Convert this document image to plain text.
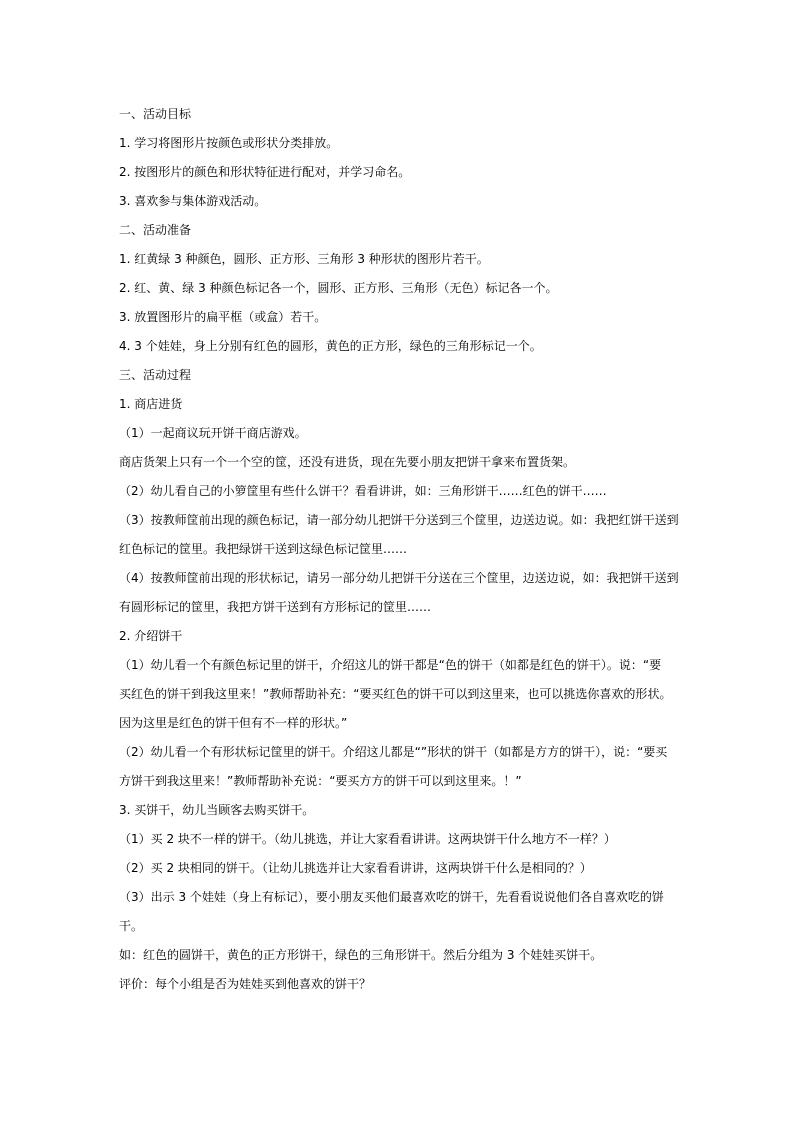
一、活动目标
1. 学习将图形片按颜色或形状分类排放。
2. 按图形片的颜色和形状特征进行配对，并学习命名。
3. 喜欢参与集体游戏活动。
二、活动准备
1. 红黄绿 3 种颜色，圆形、正方形、三角形 3 种形状的图形片若干。
2. 红、黄、绿 3 种颜色标记各一个，圆形、正方形、三角形（无色）标记各一个。
3. 放置图形片的扁平框（或盒）若干。
4. 3 个娃娃，身上分别有红色的圆形，黄色的正方形，绿色的三角形标记一个。
三、活动过程
1. 商店进货
（1）一起商议玩开饼干商店游戏。
商店货架上只有一个一个空的筐，还没有进货，现在先要小朋友把饼干拿来布置货架。
（2）幼儿看自己的小箩筐里有些什么饼干？看看讲讲，如：三角形饼干……红色的饼干……
（3）按教师筐前出现的颜色标记，请一部分幼儿把饼干分送到三个筐里，边送边说。如：我把红饼干送到
红色标记的筐里。我把绿饼干送到这绿色标记筐里……
（4）按教师筐前出现的形状标记，请另一部分幼儿把饼干分送在三个筐里，边送边说，如：我把饼干送到
有圆形标记的筐里，我把方饼干送到有方形标记的筐里……
2. 介绍饼干
（1）幼儿看一个有颜色标记里的饼干，介绍这儿的饼干都是“色的饼干（如都是红色的饼干）。说：“要
买红色的饼干到我这里来！”教师帮助补充：“要买红色的饼干可以到这里来，也可以挑选你喜欢的形状。
因为这里是红色的饼干但有不一样的形状。”
（2）幼儿看一个有形状标记筐里的饼干。介绍这儿都是“”形状的饼干（如都是方方的饼干），说：“要买
方饼干到我这里来！”教师帮助补充说：“要买方方的饼干可以到这里来。！”
3. 买饼干，幼儿当顾客去购买饼干。
（1）买 2 块不一样的饼干。（幼儿挑选，并让大家看看讲讲。这两块饼干什么地方不一样？）
（2）买 2 块相同的饼干。（让幼儿挑选并让大家看看讲讲，这两块饼干什么是相同的？）
（3）出示 3 个娃娃（身上有标记），要小朋友买他们最喜欢吃的饼干，先看看说说他们各自喜欢吃的饼
干。
如：红色的圆饼干，黄色的正方形饼干，绿色的三角形饼干。然后分组为 3 个娃娃买饼干。
评价：每个小组是否为娃娃买到他喜欢的饼干？
